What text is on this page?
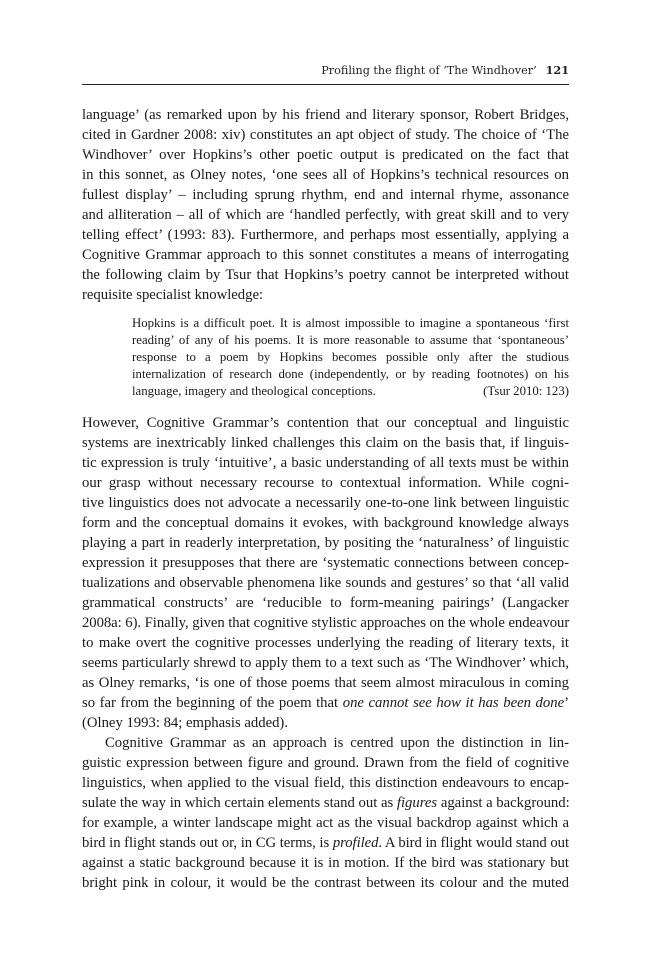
Profiling the flight of ‘The Windhover’ 121
language’ (as remarked upon by his friend and literary sponsor, Robert Bridges,
cited in Gardner 2008: xiv) constitutes an apt object of study. The choice of ‘The
Windhover’ over Hopkins’s other poetic output is predicated on the fact that
in this sonnet, as Olney notes, ‘one sees all of Hopkins’s technical resources on
fullest display’ – including sprung rhythm, end and internal rhyme, assonance
and alliteration – all of which are ‘handled perfectly, with great skill and to very
telling effect’ (1993: 83). Furthermore, and perhaps most essentially, applying a
Cognitive Grammar approach to this sonnet constitutes a means of interrogating
the following claim by Tsur that Hopkins’s poetry cannot be interpreted without
requisite specialist knowledge:
Hopkins is a difficult poet. It is almost impossible to imagine a spontaneous ‘first
reading’ of any of his poems. It is more reasonable to assume that ‘spontaneous’
response to a poem by Hopkins becomes possible only after the studious
internalization of research done (independently, or by reading footnotes) on his
language, imagery and theological conceptions.	(Tsur 2010: 123)
However, Cognitive Grammar’s contention that our conceptual and linguistic
systems are inextricably linked challenges this claim on the basis that, if linguis-
tic expression is truly ‘intuitive’, a basic understanding of all texts must be within
our grasp without necessary recourse to contextual information. While cogni-
tive linguistics does not advocate a necessarily one-to-one link between linguistic
form and the conceptual domains it evokes, with background knowledge always
playing a part in readerly interpretation, by positing the ‘naturalness’ of linguistic
expression it presupposes that there are ‘systematic connections between concep-
tualizations and observable phenomena like sounds and gestures’ so that ‘all valid
grammatical constructs’ are ‘reducible to form-meaning pairings’ (Langacker
2008a: 6). Finally, given that cognitive stylistic approaches on the whole endeavour
to make overt the cognitive processes underlying the reading of literary texts, it
seems particularly shrewd to apply them to a text such as ‘The Windhover’ which,
as Olney remarks, ‘is one of those poems that seem almost miraculous in coming
so far from the beginning of the poem that one cannot see how it has been done’
(Olney 1993: 84; emphasis added).
Cognitive Grammar as an approach is centred upon the distinction in lin-
guistic expression between figure and ground. Drawn from the field of cognitive
linguistics, when applied to the visual field, this distinction endeavours to encap-
sulate the way in which certain elements stand out as figures against a background:
for example, a winter landscape might act as the visual backdrop against which a
bird in flight stands out or, in CG terms, is profiled. A bird in flight would stand out
against a static background because it is in motion. If the bird was stationary but
bright pink in colour, it would be the contrast between its colour and the muted
